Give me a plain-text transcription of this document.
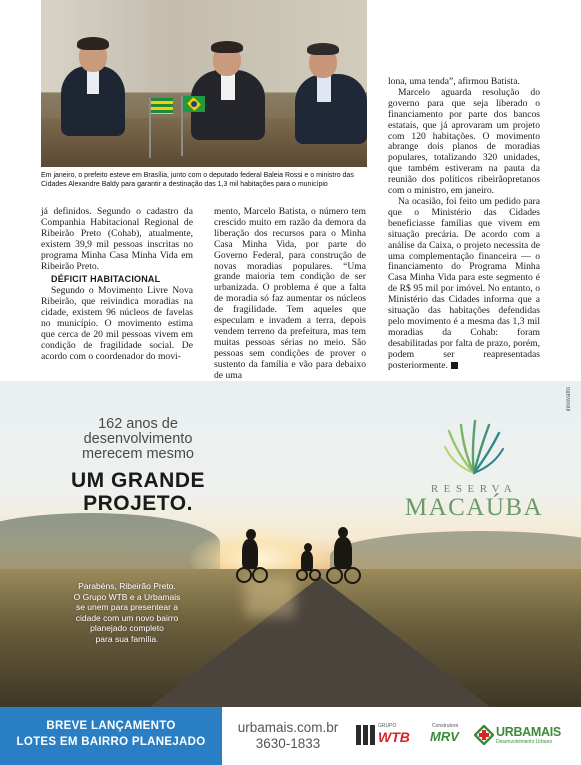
Em janeiro, o prefeito esteve em Brasília, junto com o deputado federal Baleia Rossi e o ministro das Cidades Alexandre Baldy para garantir a destinação das 1,3 mil habitações para o município

já definidos. Segundo o cadastro da Companhia Habitacional Regional de Ribeirão Preto (Cohab), atualmente, existem 39,9 mil pessoas inscritas no programa Minha Casa Minha Vida em Ribeirão Preto.

DÉFICIT HABITACIONAL

Segundo o Movimento Livre Nova Ribeirão, que reivindica moradias na cidade, existem 96 núcleos de favelas no município. O movimento estima que cerca de 20 mil pessoas vivem em condição de fragilidade social. De acordo com o coordenador do movi-

mento, Marcelo Batista, o número tem crescido muito em razão da demora da liberação dos recursos para o Minha Casa Minha Vida, por parte do Governo Federal, para construção de novas moradias populares. “Uma grande maioria tem condição de ser urbanizada. O problema é que a falta de moradia só faz aumentar os núcleos de fragilidade. Tem aqueles que especulam e invadem a terra, depois vendem terreno da prefeitura, mas tem muitas pessoas sérias no meio. São pessoas sem condições de prover o sustento da família e vão para debaixo de uma

lona, uma tenda”, afirmou Batista.

Marcelo aguarda resolução do governo para que seja liberado o financiamento por parte dos bancos estatais, que já aprovaram um projeto com 120 habitações. O movimento abrange dois planos de moradias populares, totalizando 320 unidades, que também estiveram na pauta da reunião dos políticos ribeirãopretanos com o ministro, em janeiro.

Na ocasião, foi feito um pedido para que o Ministério das Cidades beneficiasse famílias que vivem em situação precária. De acordo com a análise da Caixa, o projeto necessita de uma complementação financeira — o financiamento do Programa Minha Casa Minha Vida para este segmento é de R$ 95 mil por imóvel. No entanto, o Ministério das Cidades informa que a situação das habitações defendidas pelo movimento é a mesma das 1,3 mil moradias da Cohab: foram desabilitadas por falta de prazo, porém, podem ser reapresentadas posteriormente.

162 anos de
desenvolvimento
merecem mesmo
UM GRANDE
PROJETO.
RESERVA
MACAÚBA
Parabéns, Ribeirão Preto.
O Grupo WTB e a Urbamais
se unem para presentear a
cidade com um novo bairro
planejado completo
para sua família.
innovatto
BREVE LANÇAMENTO
LOTES EM BAIRRO PLANEJADO
urbamais.com.br
3630-1833
GRUPO
WTB
Construtora
MRV	URBAMAIS
Desenvolvimento Urbano
